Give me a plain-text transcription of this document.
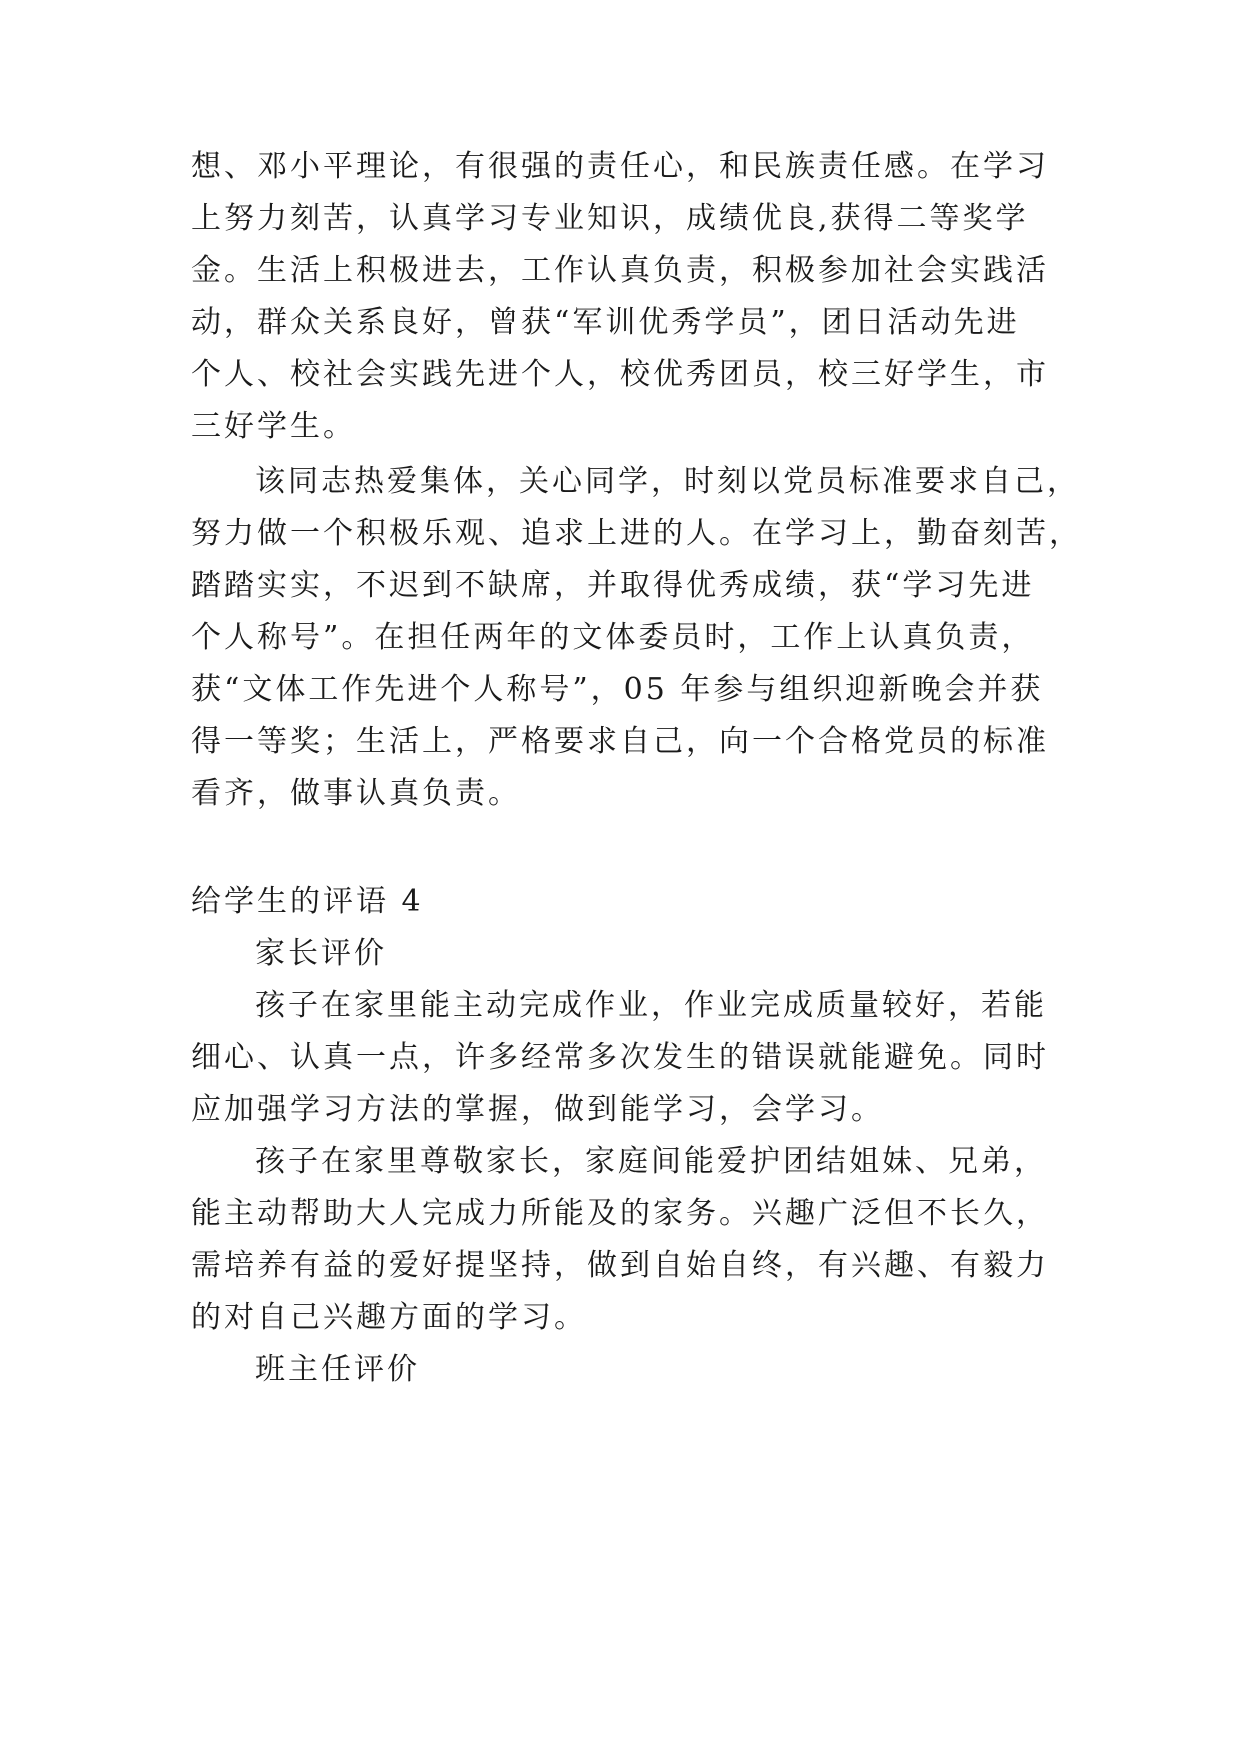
想、邓小平理论，有很强的责任心，和民族责任感。在学习
上努力刻苦，认真学习专业知识，成绩优良,获得二等奖学
金。生活上积极进去，工作认真负责，积极参加社会实践活
动，群众关系良好，曾获“军训优秀学员”，团日活动先进
个人、校社会实践先进个人，校优秀团员，校三好学生，市
三好学生。
该同志热爱集体，关心同学，时刻以党员标准要求自己，
努力做一个积极乐观、追求上进的人。在学习上，勤奋刻苦，
踏踏实实，不迟到不缺席，并取得优秀成绩，获“学习先进
个人称号”。在担任两年的文体委员时，工作上认真负责，
获“文体工作先进个人称号”，05 年参与组织迎新晚会并获
得一等奖；生活上，严格要求自己，向一个合格党员的标准
看齐，做事认真负责。
给学生的评语 4
家长评价
孩子在家里能主动完成作业，作业完成质量较好，若能
细心、认真一点，许多经常多次发生的错误就能避免。同时
应加强学习方法的掌握，做到能学习，会学习。
孩子在家里尊敬家长，家庭间能爱护团结姐妹、兄弟，
能主动帮助大人完成力所能及的家务。兴趣广泛但不长久，
需培养有益的爱好提坚持，做到自始自终，有兴趣、有毅力
的对自己兴趣方面的学习。
班主任评价
